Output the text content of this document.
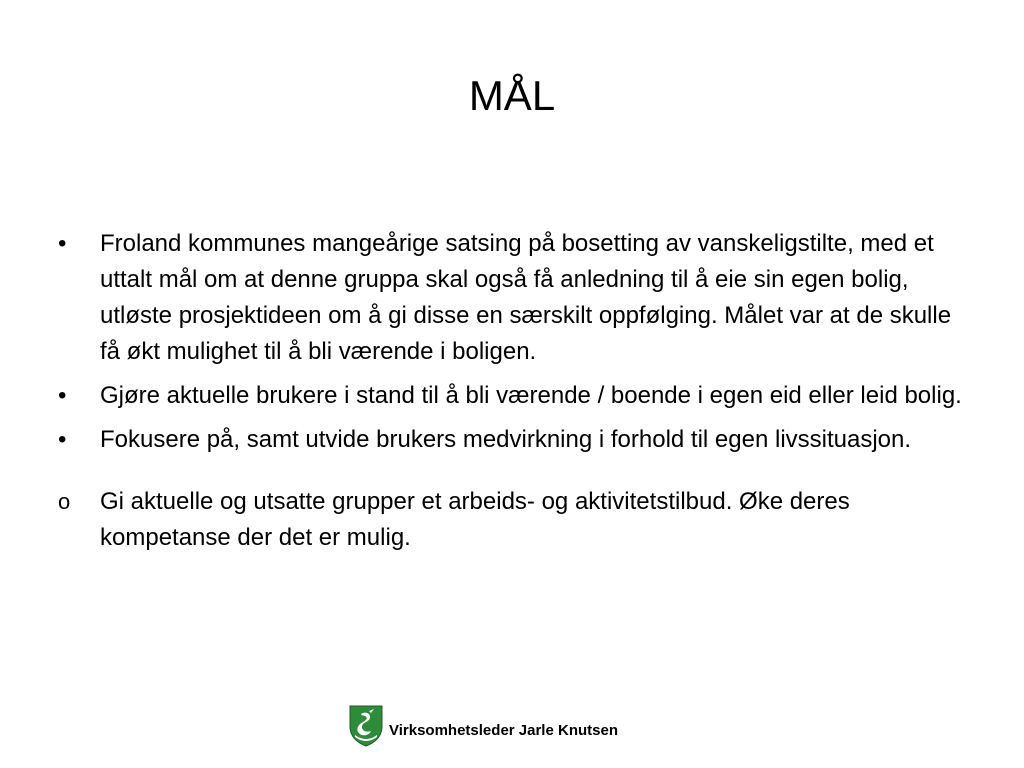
MÅL
•	Froland kommunes mangeårige satsing på bosetting av vanskeligstilte, med et uttalt mål om at denne gruppa skal også få anledning til å eie sin egen bolig, utløste prosjektideen om å gi disse en særskilt oppfølging. Målet var at de skulle få økt mulighet til å bli værende i boligen.
•	Gjøre aktuelle brukere i stand til å bli værende / boende i egen eid eller leid bolig.
•	Fokusere på, samt utvide brukers medvirkning i forhold til egen livssituasjon.
o	Gi aktuelle og utsatte grupper et arbeids- og aktivitetstilbud. Øke deres kompetanse der det er mulig.
Virksomhetsleder Jarle Knutsen
